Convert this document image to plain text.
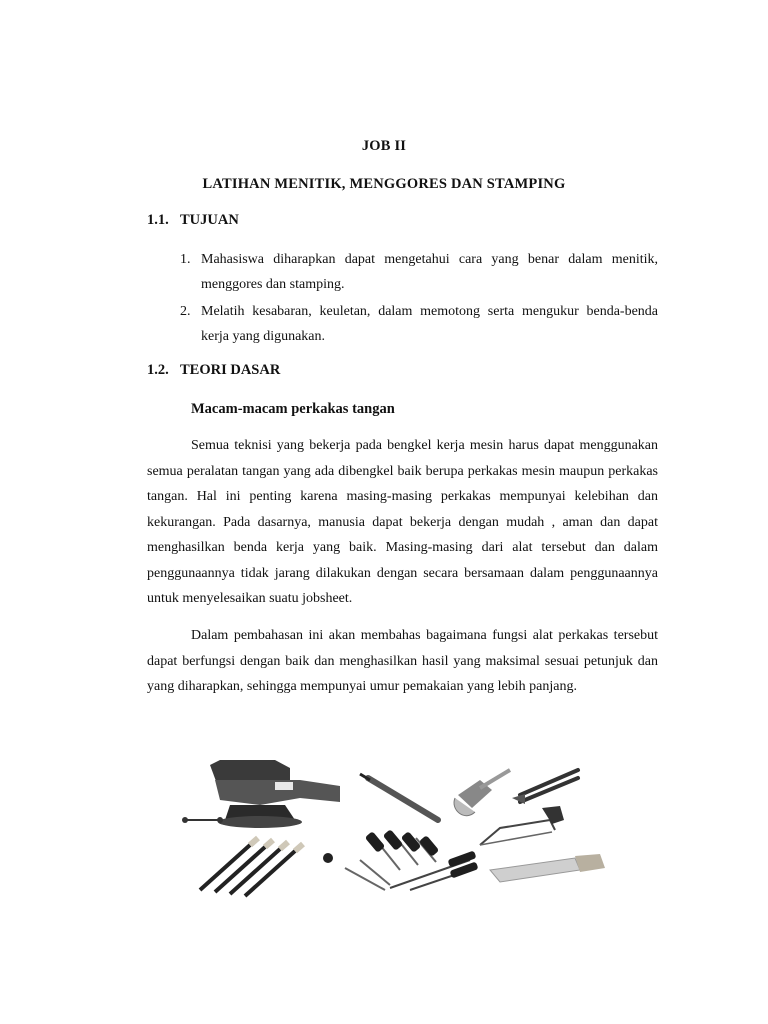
JOB II
LATIHAN MENITIK, MENGGORES DAN STAMPING
1.1. TUJUAN
1. Mahasiswa diharapkan dapat mengetahui cara yang benar dalam menitik, menggores dan stamping.
2. Melatih kesabaran, keuletan, dalam memotong serta mengukur benda-benda kerja yang digunakan.
1.2. TEORI DASAR
Macam-macam perkakas tangan

Semua teknisi yang bekerja pada bengkel kerja mesin harus dapat menggunakan semua peralatan tangan yang ada dibengkel baik berupa perkakas mesin maupun perkakas tangan. Hal ini penting karena masing-masing perkakas mempunyai kelebihan dan kekurangan. Pada dasarnya, manusia dapat bekerja dengan mudah , aman dan dapat menghasilkan benda kerja yang baik. Masing-masing dari alat tersebut dan dalam penggunaannya tidak jarang dilakukan dengan secara bersamaan dalam penggunaannya untuk menyelesaikan suatu jobsheet.

Dalam pembahasan ini akan membahas bagaimana fungsi alat perkakas tersebut dapat berfungsi dengan baik dan menghasilkan hasil yang maksimal sesuai petunjuk dan yang diharapkan, sehingga mempunyai umur pemakaian yang lebih panjang.
